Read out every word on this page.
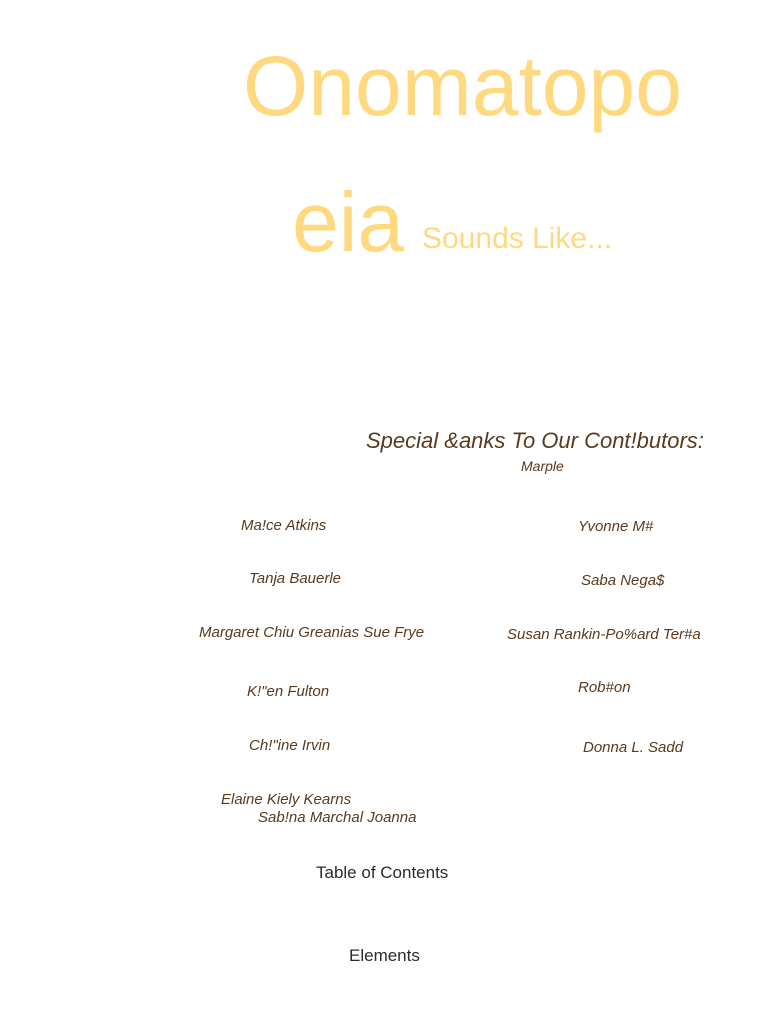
Onomatopo
eia Sounds Like...
Special &anks To Our Cont!butors:
Marple
Ma!ce Atkins	Yvonne M#
Tanja Bauerle	Saba Nega$
Margaret Chiu Greanias Sue Frye	Susan Rankin-Po%ard Ter#a
K!"en Fulton	Rob#on
Ch!"ine Irvin	Donna L. Sadd
Elaine Kiely Kearns
Sab!na Marchal Joanna
Table of Contents
Elements
